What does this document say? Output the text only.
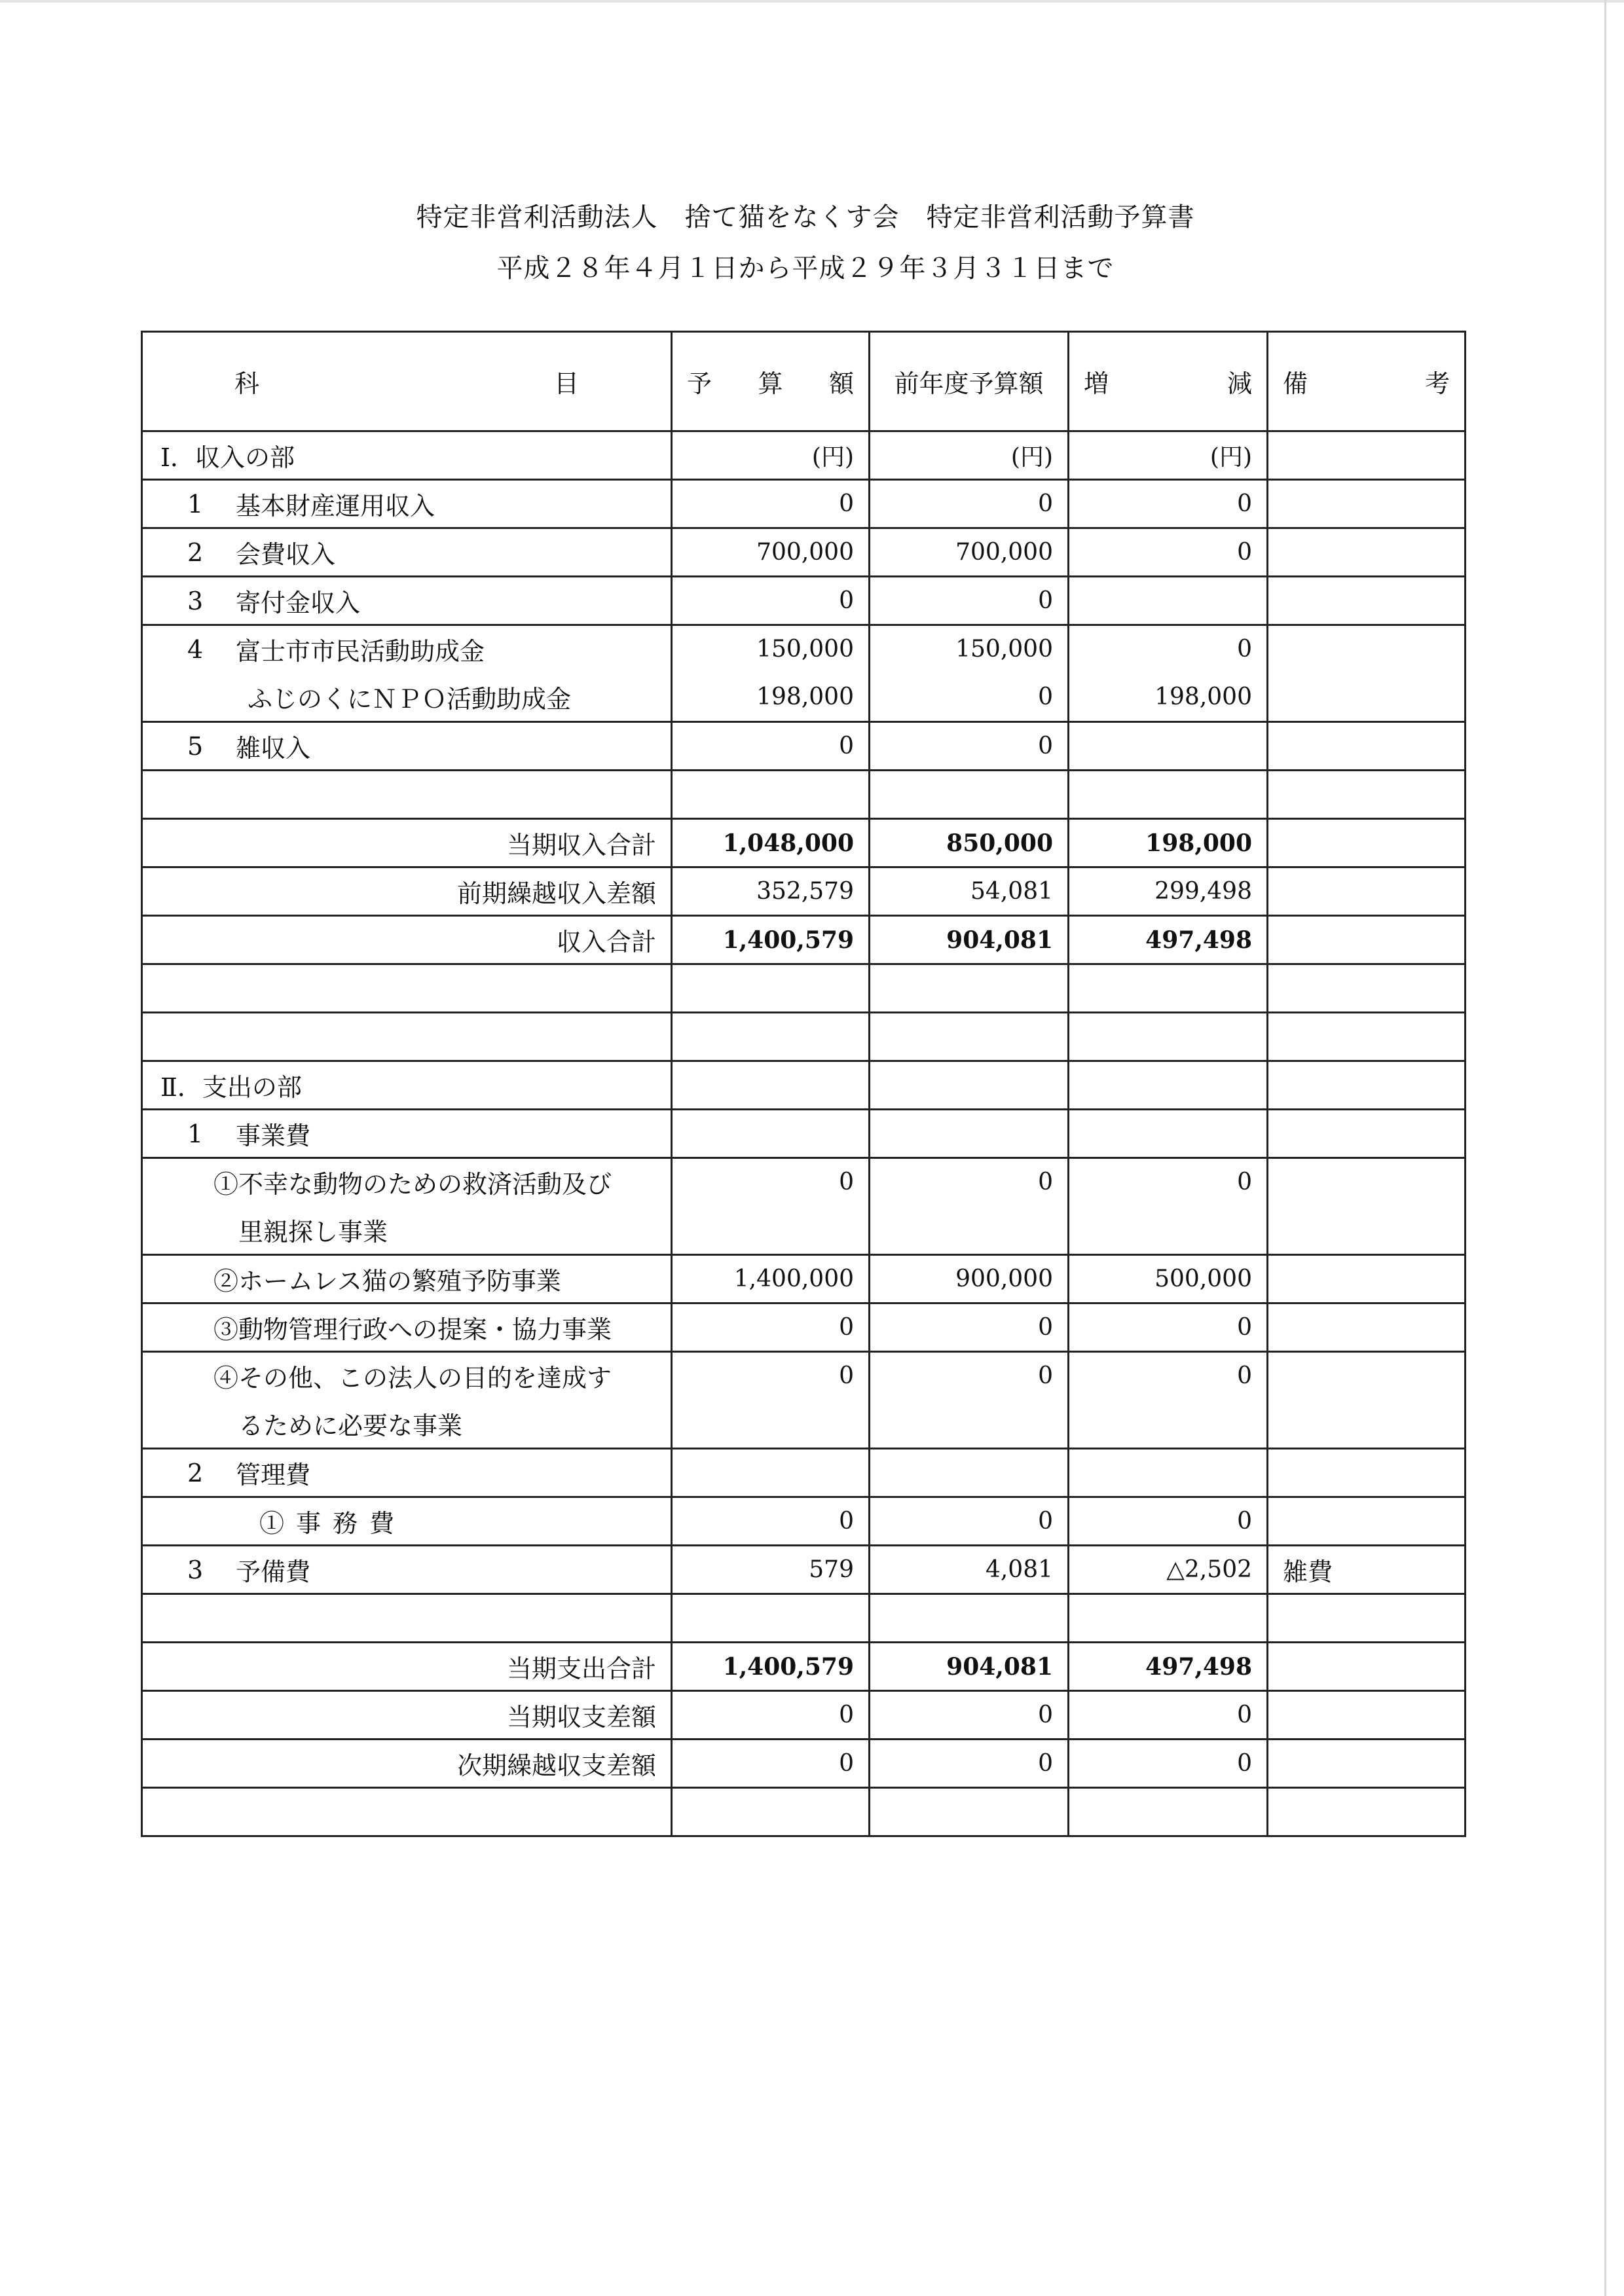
特定非営利活動法人　捨て猫をなくす会　特定非営利活動予算書
平成２８年４月１日から平成２９年３月３１日まで
科 目	予 算 額	前年度予算額	増 減	備 考

Ⅰ．収入の部	(円)	(円)	(円)	

1 基本財産運用収入	0	0	0	

2 会費収入	700,000	700,000	0	

3 寄付金収入	0	0		

4 富士市市民活動助成金	150,000	150,000	0	

ふじのくにＮＰＯ活動助成金	198,000	0	198,000	

5 雑収入	0	0		

当期収入合計	1,048,000	850,000	198,000	

前期繰越収入差額	352,579	54,081	299,498	

収入合計	1,400,579	904,081	497,498	

Ⅱ．支出の部				

1 事業費				

①不幸な動物のための救済活動及び	0	0	0	

里親探し事業				

②ホームレス猫の繁殖予防事業	1,400,000	900,000	500,000	

③動物管理行政への提案・協力事業	0	0	0	

④その他、この法人の目的を達成す	0	0	0	

るために必要な事業				

2 管理費				

①事務費	0	0	0	

3 予備費	579	4,081	△2,502	雑費

当期支出合計	1,400,579	904,081	497,498	

当期収支差額	0	0	0	

次期繰越収支差額	0	0	0	
